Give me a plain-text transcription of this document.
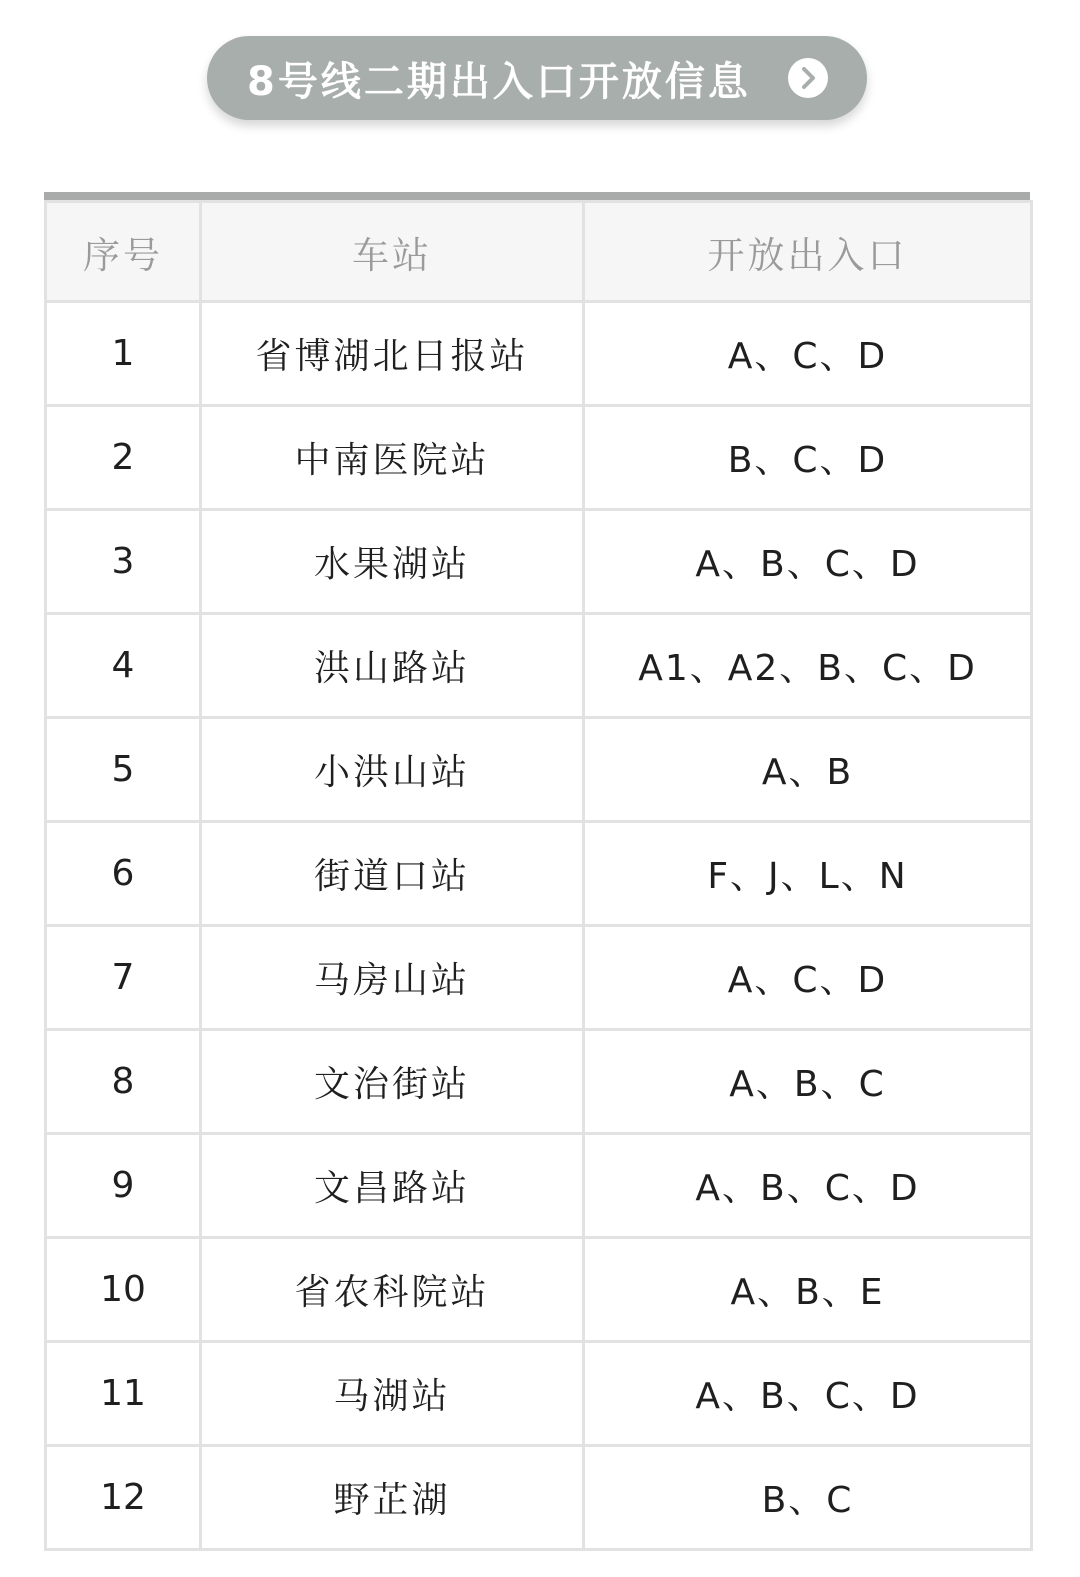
8号线二期出入口开放信息
序号	车站	开放出入口
1	省博湖北日报站	A、C、D
2	中南医院站	B、C、D
3	水果湖站	A、B、C、D
4	洪山路站	A1、A2、B、C、D
5	小洪山站	A、B
6	街道口站	F、J、L、N
7	马房山站	A、C、D
8	文治街站	A、B、C
9	文昌路站	A、B、C、D
10	省农科院站	A、B、E
11	马湖站	A、B、C、D
12	野芷湖	B、C
